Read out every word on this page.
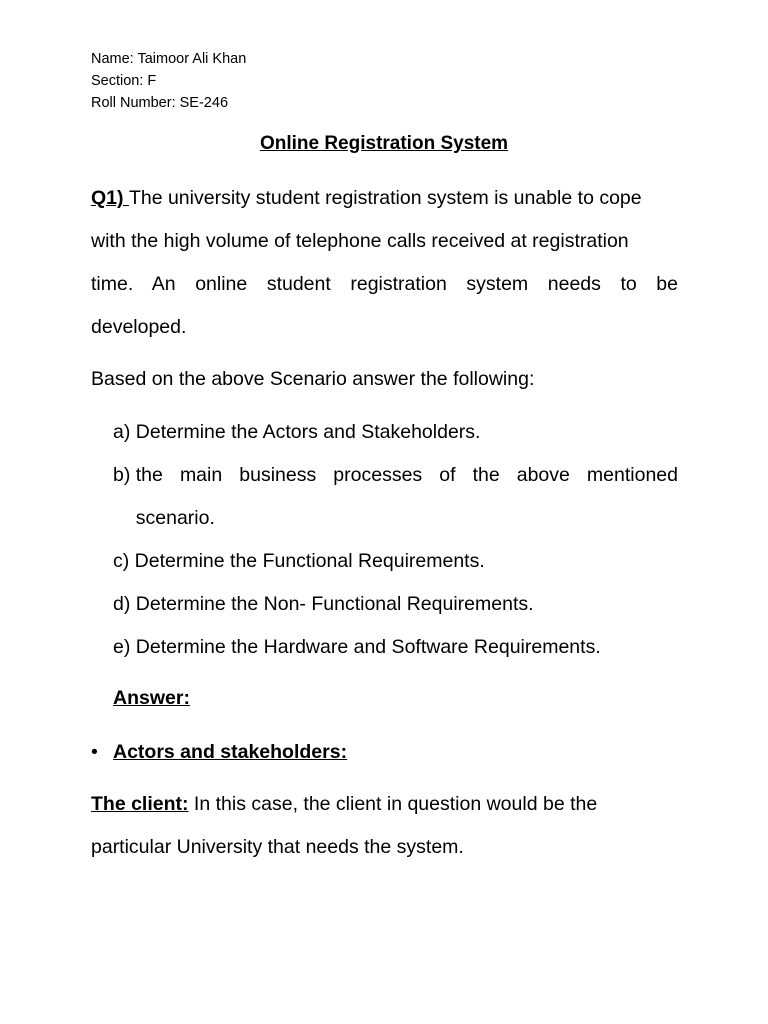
Name: Taimoor Ali Khan
Section: F
Roll Number: SE-246
Online Registration System
Q1) The university student registration system is unable to cope
with the high volume of telephone calls received at registration
time. An online student registration system needs to be
developed.
Based on the above Scenario answer the following:
a) Determine the Actors and Stakeholders.
b) the main business processes of the above mentioned scenario.
c) Determine the Functional Requirements.
d) Determine the Non- Functional Requirements.
e) Determine the Hardware and Software Requirements.
Answer:
• Actors and stakeholders:
The client: In this case, the client in question would be the particular University that needs the system.
